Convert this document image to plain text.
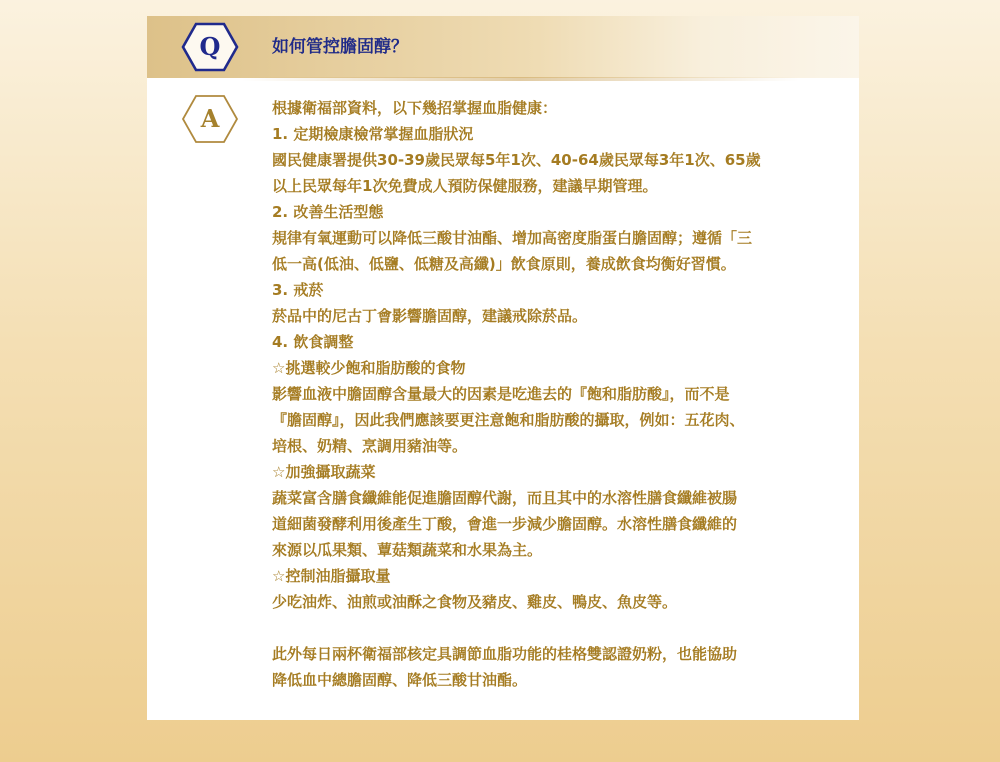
Q	如何管控膽固醇？
A	根據衛福部資料，以下幾招掌握血脂健康：

1. 定期檢康檢常掌握血脂狀況

國民健康署提供30-39歲民眾每5年1次、40-64歲民眾每3年1次、65歲

以上民眾每年1次免費成人預防保健服務，建議早期管理。

2. 改善生活型態

規律有氧運動可以降低三酸甘油酯、增加高密度脂蛋白膽固醇；遵循「三

低一高(低油、低鹽、低糖及高纖)」飲食原則，養成飲食均衡好習慣。

3. 戒菸

菸品中的尼古丁會影響膽固醇，建議戒除菸品。

4. 飲食調整

☆挑選較少飽和脂肪酸的食物

影響血液中膽固醇含量最大的因素是吃進去的『飽和脂肪酸』，而不是

『膽固醇』，因此我們應該要更注意飽和脂肪酸的攝取，例如：五花肉、

培根、奶精、烹調用豬油等。

☆加強攝取蔬菜

蔬菜富含膳食纖維能促進膽固醇代謝，而且其中的水溶性膳食纖維被腸

道細菌發酵利用後產生丁酸，會進一步減少膽固醇。水溶性膳食纖維的

來源以瓜果類、蕈菇類蔬菜和水果為主。

☆控制油脂攝取量

少吃油炸、油煎或油酥之食物及豬皮、雞皮、鴨皮、魚皮等。

此外每日兩杯衛福部核定具調節血脂功能的桂格雙認證奶粉，也能協助

降低血中總膽固醇、降低三酸甘油酯。
